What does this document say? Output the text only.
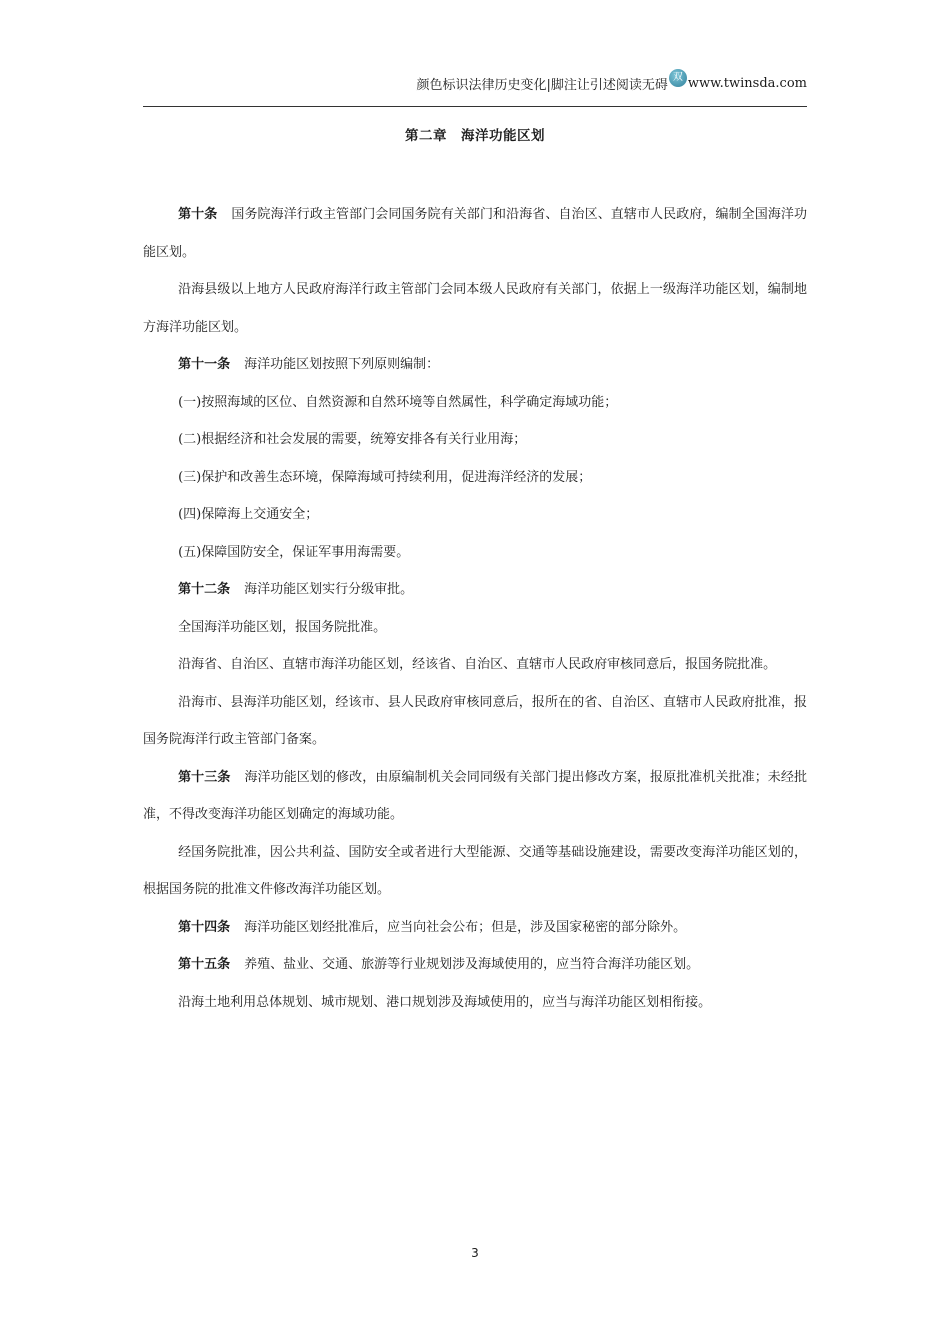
颜色标识法律历史变化|脚注让引述阅读无碍 双 www.twinsda.com
第二章　海洋功能区划

第十条 国务院海洋行政主管部门会同国务院有关部门和沿海省、自治区、直辖市人民政府，编制全国海洋功能区划。

沿海县级以上地方人民政府海洋行政主管部门会同本级人民政府有关部门，依据上一级海洋功能区划，编制地方海洋功能区划。

第十一条 海洋功能区划按照下列原则编制：

(一)按照海域的区位、自然资源和自然环境等自然属性，科学确定海域功能；

(二)根据经济和社会发展的需要，统筹安排各有关行业用海；

(三)保护和改善生态环境，保障海域可持续利用，促进海洋经济的发展；

(四)保障海上交通安全；

(五)保障国防安全，保证军事用海需要。

第十二条 海洋功能区划实行分级审批。

全国海洋功能区划，报国务院批准。

沿海省、自治区、直辖市海洋功能区划，经该省、自治区、直辖市人民政府审核同意后，报国务院批准。

沿海市、县海洋功能区划，经该市、县人民政府审核同意后，报所在的省、自治区、直辖市人民政府批准，报国务院海洋行政主管部门备案。

第十三条 海洋功能区划的修改，由原编制机关会同同级有关部门提出修改方案，报原批准机关批准；未经批准，不得改变海洋功能区划确定的海域功能。

经国务院批准，因公共利益、国防安全或者进行大型能源、交通等基础设施建设，需要改变海洋功能区划的，根据国务院的批准文件修改海洋功能区划。

第十四条 海洋功能区划经批准后，应当向社会公布；但是，涉及国家秘密的部分除外。

第十五条 养殖、盐业、交通、旅游等行业规划涉及海域使用的，应当符合海洋功能区划。

沿海土地利用总体规划、城市规划、港口规划涉及海域使用的，应当与海洋功能区划相衔接。

3
